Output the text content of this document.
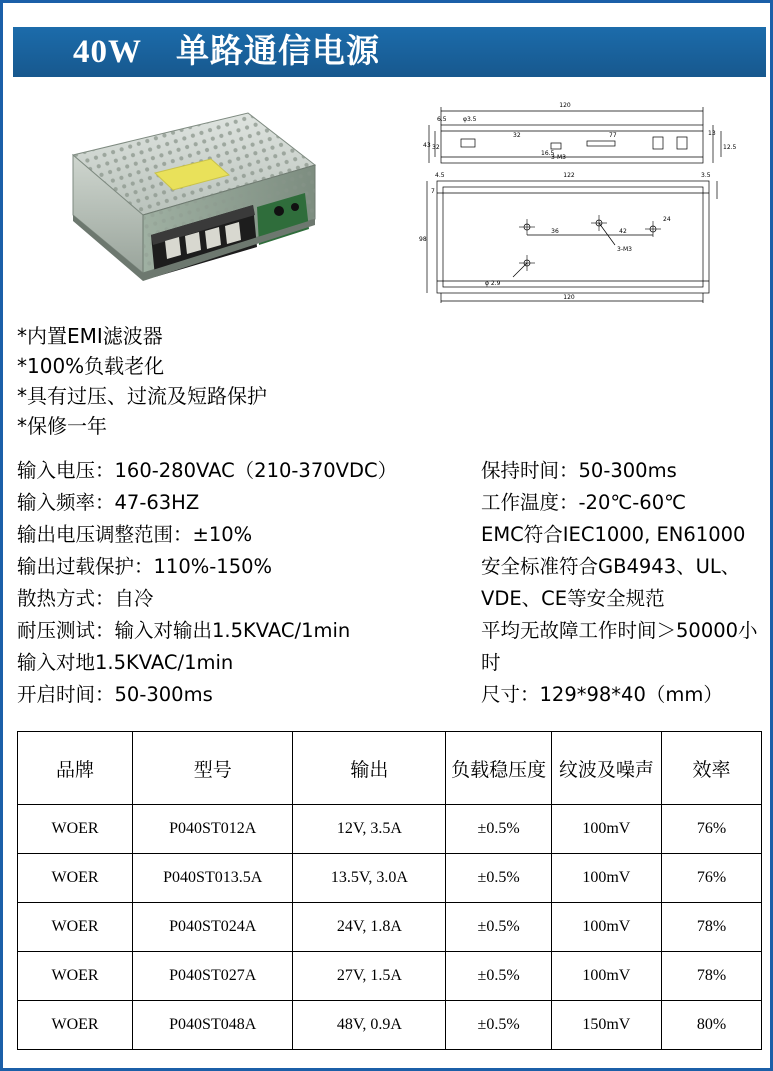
40W 单路通信电源
120
6.5	φ3.5
32	77
43 32
16.5
13
12.5
3-M3
4.5	122	3.5
98
36	42
24
7
3-M3
φ 2.9
120
*内置EMI滤波器
*100%负载老化
*具有过压、过流及短路保护
*保修一年
输入电压：160-280VAC（210-370VDC）
输入频率：47-63HZ
输出电压调整范围：±10%
输出过载保护：110%-150%
散热方式：自冷
耐压测试：输入对输出1.5KVAC/1min
输入对地1.5KVAC/1min
开启时间：50-300ms
保持时间：50-300ms
工作温度：-20℃-60℃
EMC符合IEC1000, EN61000
安全标准符合GB4943、UL、VDE、CE等安全规范
平均无故障工作时间＞50000小时
尺寸：129*98*40（mm）
品牌	型号	输出	负载稳压度	纹波及噪声	效率
WOER	P040ST012A	12V, 3.5A	±0.5%	100mV	76%
WOER	P040ST013.5A	13.5V, 3.0A	±0.5%	100mV	76%
WOER	P040ST024A	24V, 1.8A	±0.5%	100mV	78%
WOER	P040ST027A	27V, 1.5A	±0.5%	100mV	78%
WOER	P040ST048A	48V, 0.9A	±0.5%	150mV	80%
